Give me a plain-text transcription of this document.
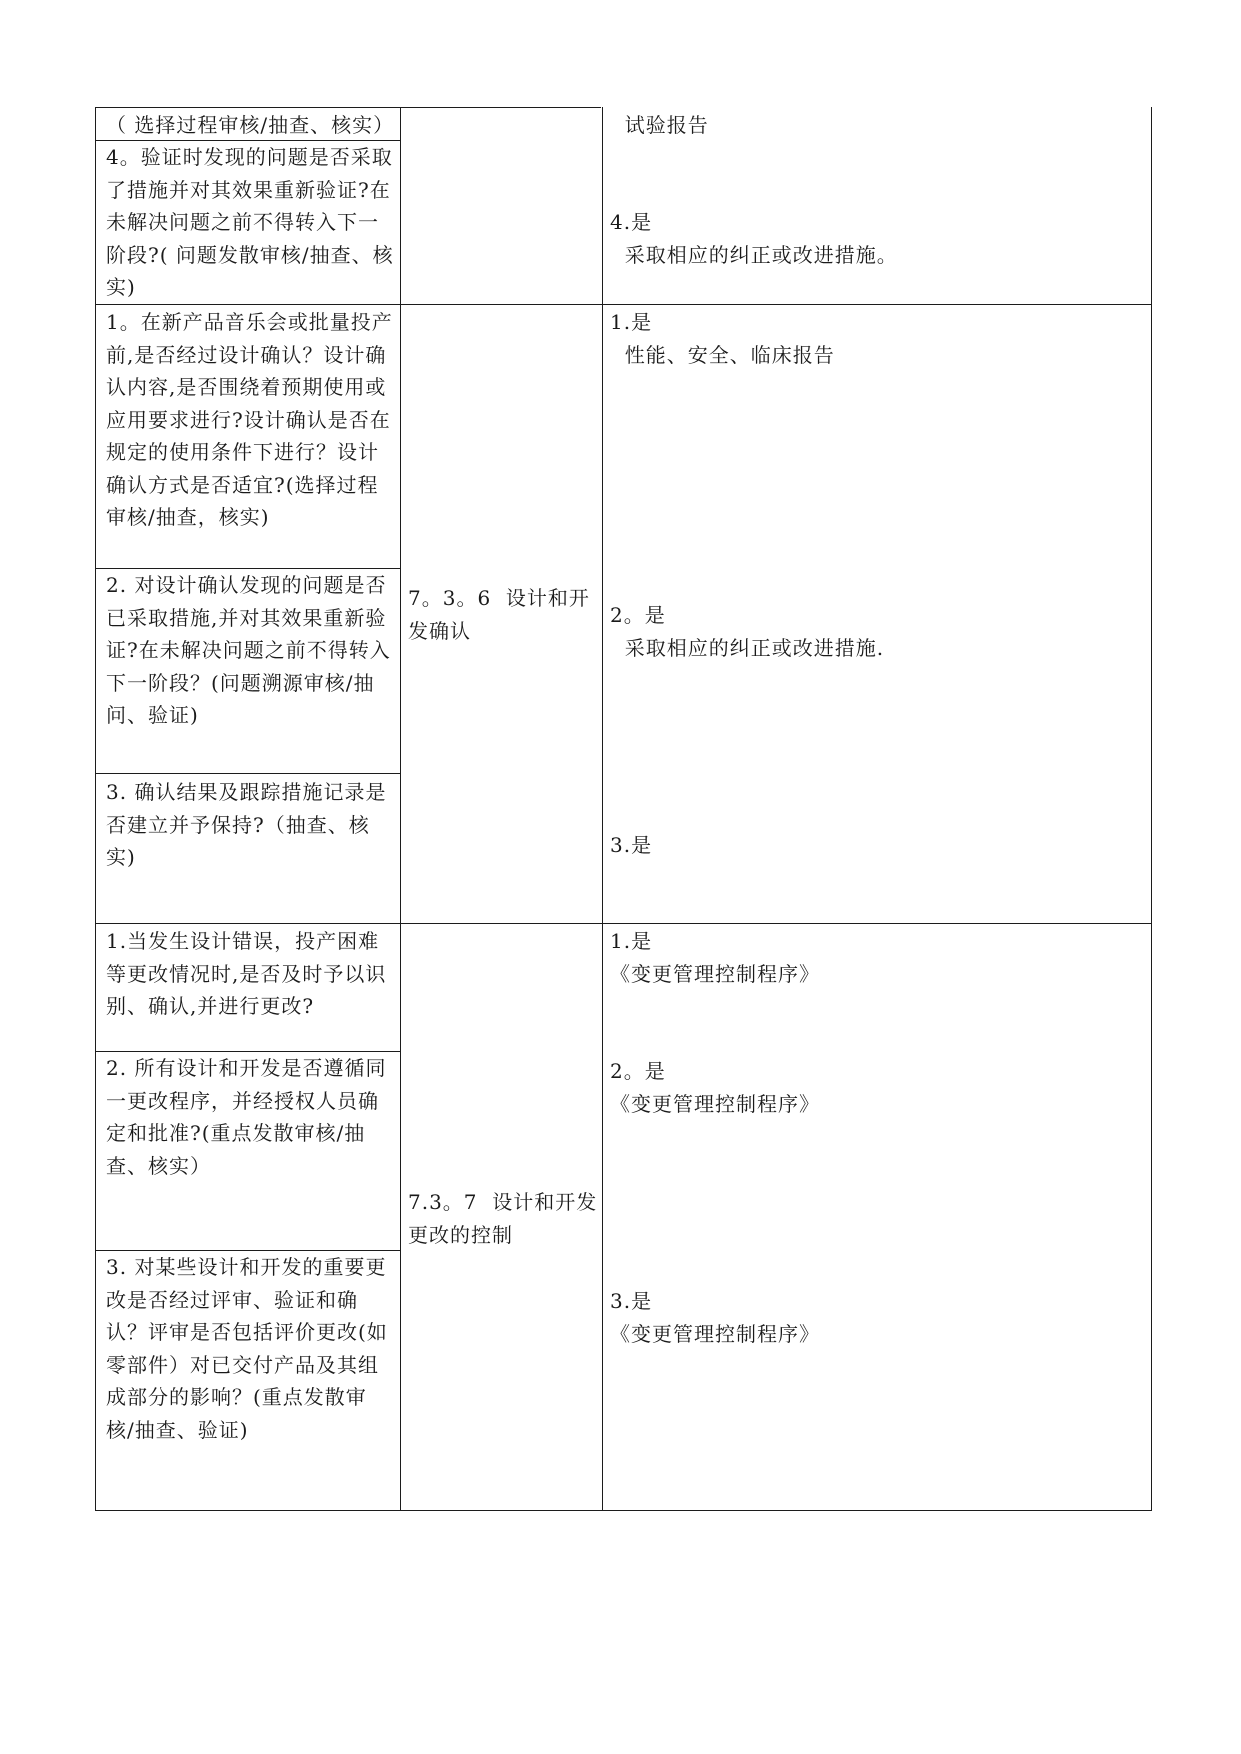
（ 选择过程审核/抽查、核实）
4。验证时发现的问题是否采取了措施并对其效果重新验证?在未解决问题之前不得转入下一阶段?( 问题发散审核/抽查、核实)
试验报告
4.是
采取相应的纠正或改进措施。
1。在新产品音乐会或批量投产前,是否经过设计确认？设计确认内容,是否围绕着预期使用或应用要求进行?设计确认是否在规定的使用条件下进行？设计确认方式是否适宜?(选择过程审核/抽查，核实)
2. 对设计确认发现的问题是否已采取措施,并对其效果重新验证?在未解决问题之前不得转入下一阶段？(问题溯源审核/抽问、验证)
3. 确认结果及跟踪措施记录是否建立并予保持?（抽查、核实)
7。3。6  设计和开发确认
1.是
性能、安全、临床报告
2。是
采取相应的纠正或改进措施.
3.是
1.当发生设计错误，投产困难等更改情况时,是否及时予以识别、确认,并进行更改?
2. 所有设计和开发是否遵循同一更改程序，并经授权人员确定和批准?(重点发散审核/抽查、核实）
3. 对某些设计和开发的重要更改是否经过评审、验证和确认？评审是否包括评价更改(如零部件）对已交付产品及其组成部分的影响？(重点发散审核/抽查、验证)
7.3。7  设计和开发更改的控制
1.是
《变更管理控制程序》
2。是
《变更管理控制程序》
3.是
《变更管理控制程序》
